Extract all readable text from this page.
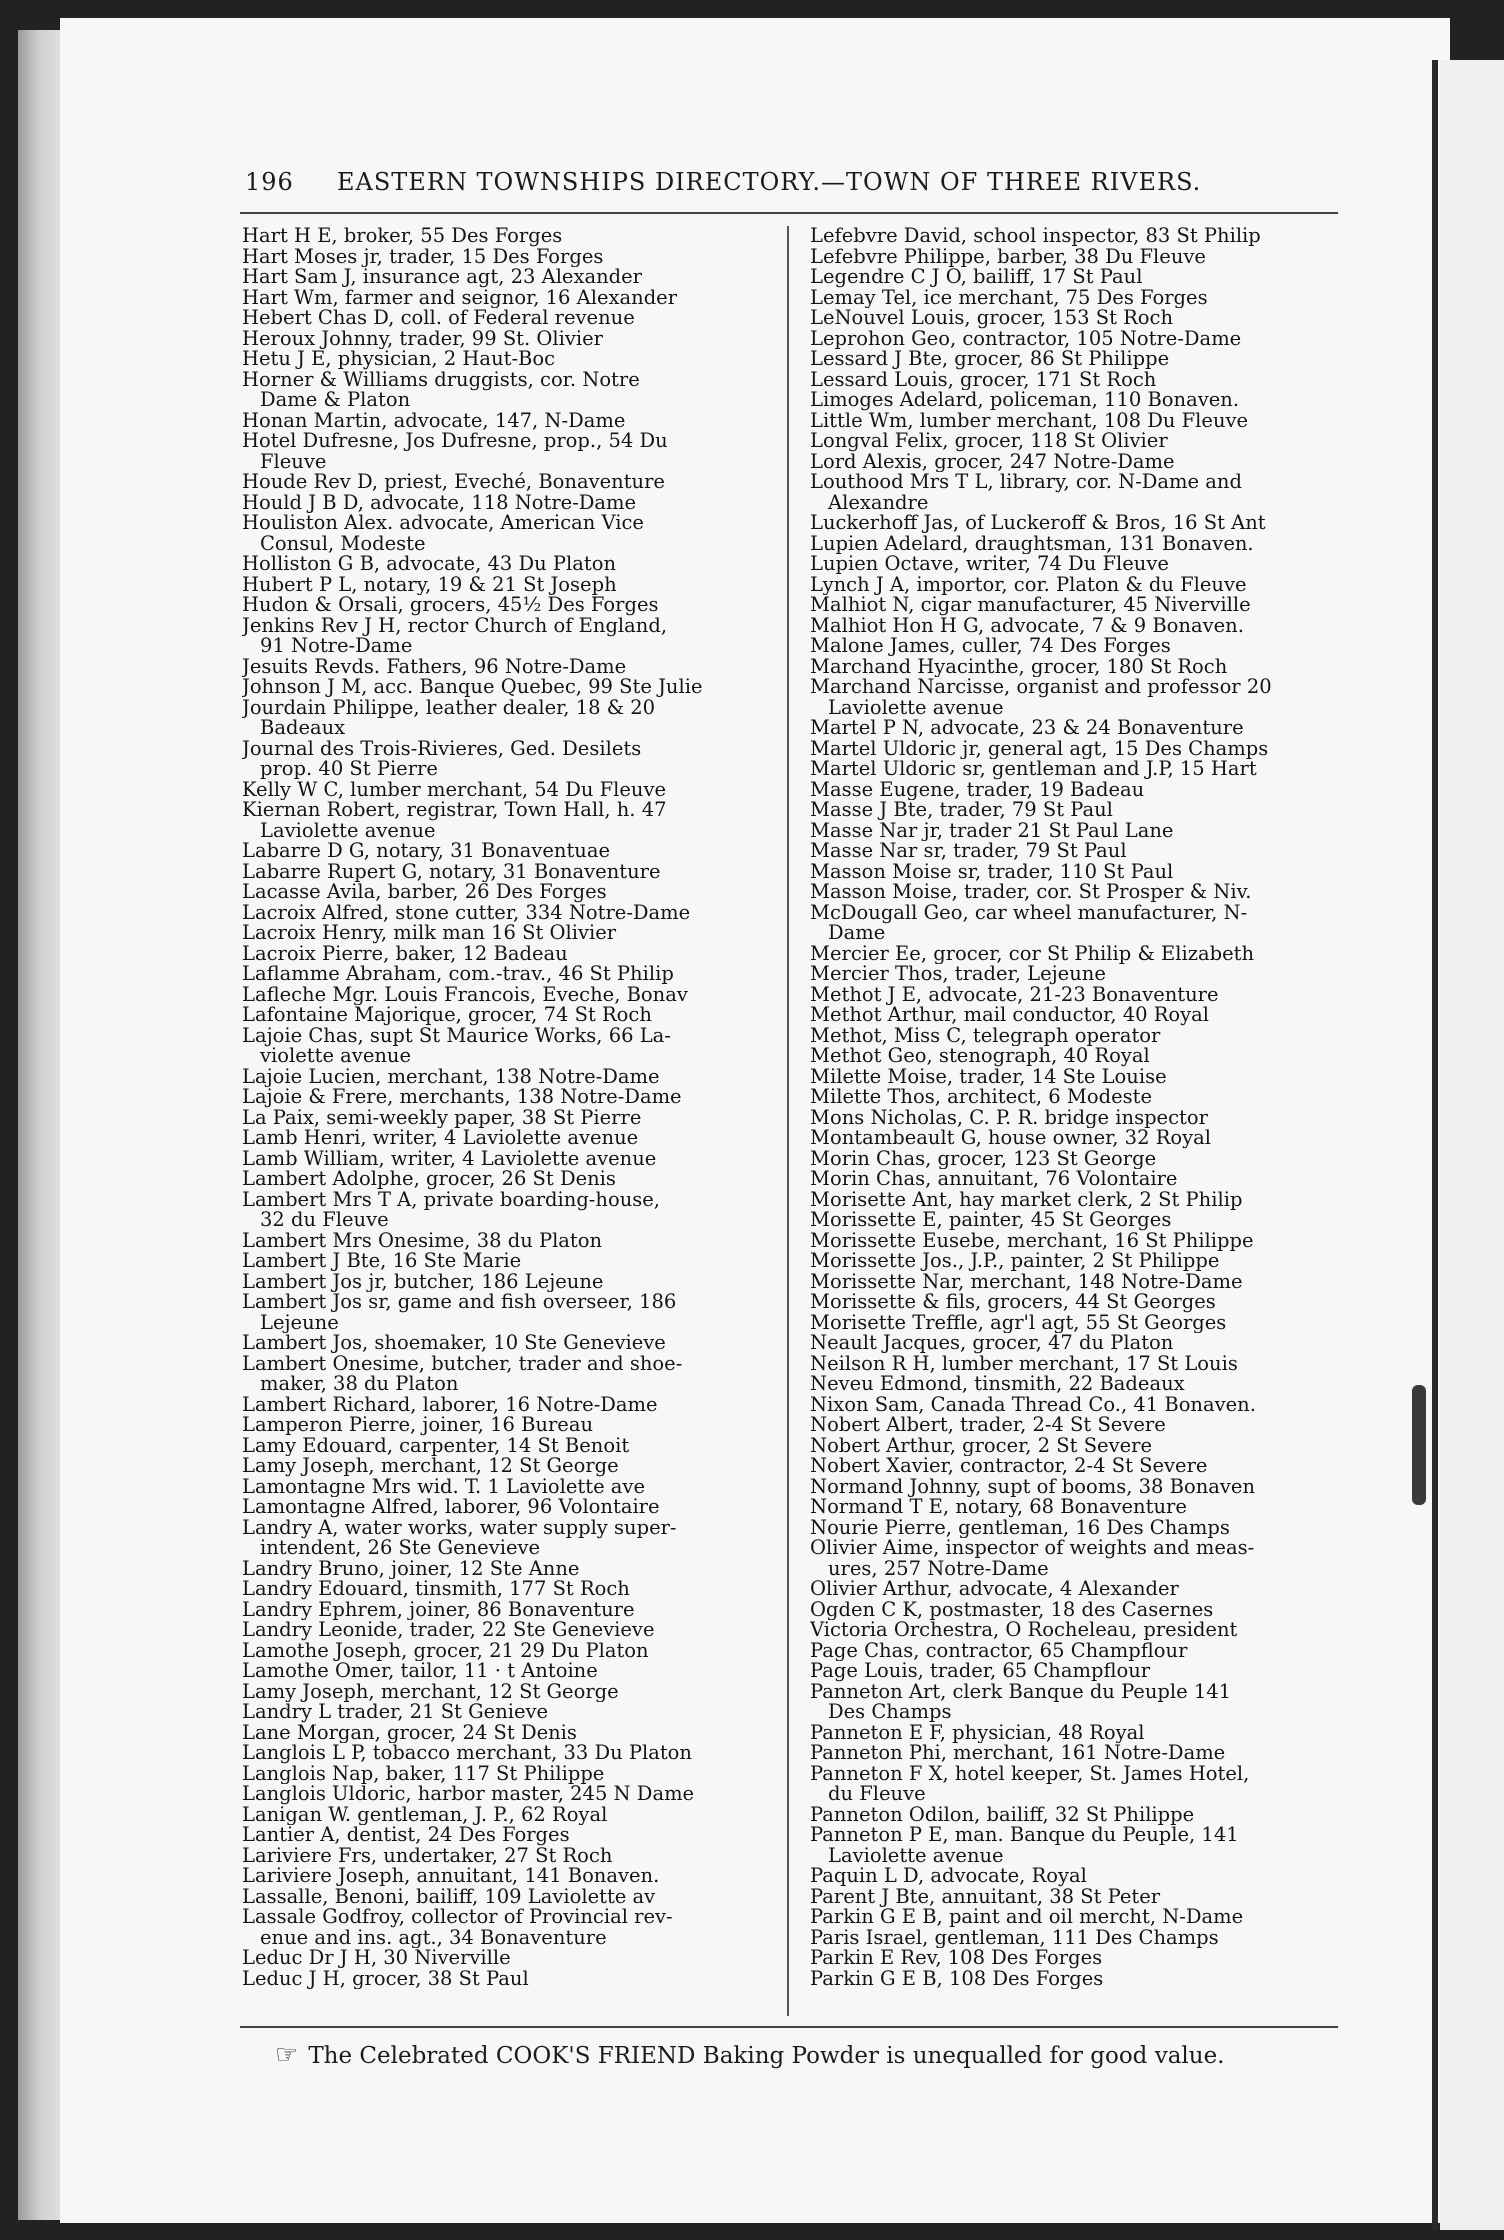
196 EASTERN TOWNSHIPS DIRECTORY.—TOWN OF THREE RIVERS.

Hart H E, broker, 55 Des Forges

Hart Moses jr, trader, 15 Des Forges

Hart Sam J, insurance agt, 23 Alexander

Hart Wm, farmer and seignor, 16 Alexander

Hebert Chas D, coll. of Federal revenue

Heroux Johnny, trader, 99 St. Olivier

Hetu J E, physician, 2 Haut-Boc

Horner & Williams druggists, cor. Notre
Dame & Platon

Honan Martin, advocate, 147, N-Dame

Hotel Dufresne, Jos Dufresne, prop., 54 Du
Fleuve

Houde Rev D, priest, Eveché, Bonaventure

Hould J B D, advocate, 118 Notre-Dame

Houliston Alex. advocate, American Vice
Consul, Modeste

Holliston G B, advocate, 43 Du Platon

Hubert P L, notary, 19 & 21 St Joseph

Hudon & Orsali, grocers, 45½ Des Forges

Jenkins Rev J H, rector Church of England,
91 Notre-Dame

Jesuits Revds. Fathers, 96 Notre-Dame

Johnson J M, acc. Banque Quebec, 99 Ste Julie

Jourdain Philippe, leather dealer, 18 & 20
Badeaux

Journal des Trois-Rivieres, Ged. Desilets
prop. 40 St Pierre

Kelly W C, lumber merchant, 54 Du Fleuve

Kiernan Robert, registrar, Town Hall, h. 47
Laviolette avenue

Labarre D G, notary, 31 Bonaventuae

Labarre Rupert G, notary, 31 Bonaventure

Lacasse Avila, barber, 26 Des Forges

Lacroix Alfred, stone cutter, 334 Notre-Dame

Lacroix Henry, milk man 16 St Olivier

Lacroix Pierre, baker, 12 Badeau

Laflamme Abraham, com.-trav., 46 St Philip

Lafleche Mgr. Louis Francois, Eveche, Bonav

Lafontaine Majorique, grocer, 74 St Roch

Lajoie Chas, supt St Maurice Works, 66 La-
violette avenue

Lajoie Lucien, merchant, 138 Notre-Dame

Lajoie & Frere, merchants, 138 Notre-Dame

La Paix, semi-weekly paper, 38 St Pierre

Lamb Henri, writer, 4 Laviolette avenue

Lamb William, writer, 4 Laviolette avenue

Lambert Adolphe, grocer, 26 St Denis

Lambert Mrs T A, private boarding-house,
32 du Fleuve

Lambert Mrs Onesime, 38 du Platon

Lambert J Bte, 16 Ste Marie

Lambert Jos jr, butcher, 186 Lejeune

Lambert Jos sr, game and fish overseer, 186
Lejeune

Lambert Jos, shoemaker, 10 Ste Genevieve

Lambert Onesime, butcher, trader and shoe-
maker, 38 du Platon

Lambert Richard, laborer, 16 Notre-Dame

Lamperon Pierre, joiner, 16 Bureau

Lamy Edouard, carpenter, 14 St Benoit

Lamy Joseph, merchant, 12 St George

Lamontagne Mrs wid. T. 1 Laviolette ave

Lamontagne Alfred, laborer, 96 Volontaire

Landry A, water works, water supply super-
intendent, 26 Ste Genevieve

Landry Bruno, joiner, 12 Ste Anne

Landry Edouard, tinsmith, 177 St Roch

Landry Ephrem, joiner, 86 Bonaventure

Landry Leonide, trader, 22 Ste Genevieve

Lamothe Joseph, grocer, 21 29 Du Platon

Lamothe Omer, tailor, 11 · t Antoine

Lamy Joseph, merchant, 12 St George

Landry L trader, 21 St Genieve

Lane Morgan, grocer, 24 St Denis

Langlois L P, tobacco merchant, 33 Du Platon

Langlois Nap, baker, 117 St Philippe

Langlois Uldoric, harbor master, 245 N Dame

Lanigan W. gentleman, J. P., 62 Royal

Lantier A, dentist, 24 Des Forges

Lariviere Frs, undertaker, 27 St Roch

Lariviere Joseph, annuitant, 141 Bonaven.

Lassalle, Benoni, bailiff, 109 Laviolette av

Lassale Godfroy, collector of Provincial rev-
enue and ins. agt., 34 Bonaventure

Leduc Dr J H, 30 Niverville

Leduc J H, grocer, 38 St Paul

Lefebvre David, school inspector, 83 St Philip

Lefebvre Philippe, barber, 38 Du Fleuve

Legendre C J O, bailiff, 17 St Paul

Lemay Tel, ice merchant, 75 Des Forges

LeNouvel Louis, grocer, 153 St Roch

Leprohon Geo, contractor, 105 Notre-Dame

Lessard J Bte, grocer, 86 St Philippe

Lessard Louis, grocer, 171 St Roch

Limoges Adelard, policeman, 110 Bonaven.

Little Wm, lumber merchant, 108 Du Fleuve

Longval Felix, grocer, 118 St Olivier

Lord Alexis, grocer, 247 Notre-Dame

Louthood Mrs T L, library, cor. N-Dame and
Alexandre

Luckerhoff Jas, of Luckeroff & Bros, 16 St Ant

Lupien Adelard, draughtsman, 131 Bonaven.

Lupien Octave, writer, 74 Du Fleuve

Lynch J A, importor, cor. Platon & du Fleuve

Malhiot N, cigar manufacturer, 45 Niverville

Malhiot Hon H G, advocate, 7 & 9 Bonaven.

Malone James, culler, 74 Des Forges

Marchand Hyacinthe, grocer, 180 St Roch

Marchand Narcisse, organist and professor 20
Laviolette avenue

Martel P N, advocate, 23 & 24 Bonaventure

Martel Uldoric jr, general agt, 15 Des Champs

Martel Uldoric sr, gentleman and J.P, 15 Hart

Masse Eugene, trader, 19 Badeau

Masse J Bte, trader, 79 St Paul

Masse Nar jr, trader 21 St Paul Lane

Masse Nar sr, trader, 79 St Paul

Masson Moise sr, trader, 110 St Paul

Masson Moise, trader, cor. St Prosper & Niv.

McDougall Geo, car wheel manufacturer, N-
Dame

Mercier Ee, grocer, cor St Philip & Elizabeth

Mercier Thos, trader, Lejeune

Methot J E, advocate, 21-23 Bonaventure

Methot Arthur, mail conductor, 40 Royal

Methot, Miss C, telegraph operator

Methot Geo, stenograph, 40 Royal

Milette Moise, trader, 14 Ste Louise

Milette Thos, architect, 6 Modeste

Mons Nicholas, C. P. R. bridge inspector

Montambeault G, house owner, 32 Royal

Morin Chas, grocer, 123 St George

Morin Chas, annuitant, 76 Volontaire

Morisette Ant, hay market clerk, 2 St Philip

Morissette E, painter, 45 St Georges

Morissette Eusebe, merchant, 16 St Philippe

Morissette Jos., J.P., painter, 2 St Philippe

Morissette Nar, merchant, 148 Notre-Dame

Morissette & fils, grocers, 44 St Georges

Morisette Treffle, agr'l agt, 55 St Georges

Neault Jacques, grocer, 47 du Platon

Neilson R H, lumber merchant, 17 St Louis

Neveu Edmond, tinsmith, 22 Badeaux

Nixon Sam, Canada Thread Co., 41 Bonaven.

Nobert Albert, trader, 2-4 St Severe

Nobert Arthur, grocer, 2 St Severe

Nobert Xavier, contractor, 2-4 St Severe

Normand Johnny, supt of booms, 38 Bonaven

Normand T E, notary, 68 Bonaventure

Nourie Pierre, gentleman, 16 Des Champs

Olivier Aime, inspector of weights and meas-
ures, 257 Notre-Dame

Olivier Arthur, advocate, 4 Alexander

Ogden C K, postmaster, 18 des Casernes

Victoria Orchestra, O Rocheleau, president

Page Chas, contractor, 65 Champflour

Page Louis, trader, 65 Champflour

Panneton Art, clerk Banque du Peuple 141
Des Champs

Panneton E F, physician, 48 Royal

Panneton Phi, merchant, 161 Notre-Dame

Panneton F X, hotel keeper, St. James Hotel,
du Fleuve

Panneton Odilon, bailiff, 32 St Philippe

Panneton P E, man. Banque du Peuple, 141
Laviolette avenue

Paquin L D, advocate, Royal

Parent J Bte, annuitant, 38 St Peter

Parkin G E B, paint and oil mercht, N-Dame

Paris Israel, gentleman, 111 Des Champs

Parkin E Rev, 108 Des Forges

Parkin G E B, 108 Des Forges

☞ The Celebrated COOK'S FRIEND Baking Powder is unequalled for good value.
